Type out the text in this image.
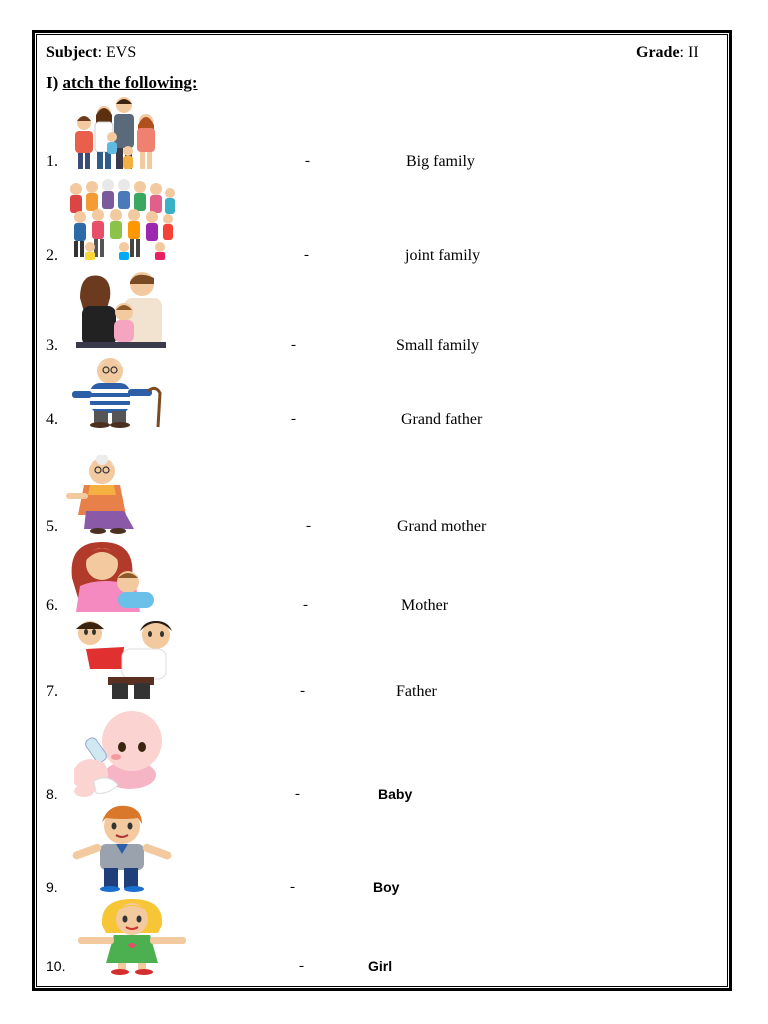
Subject: EVS	Grade: II
I) atch the following:
1.	-	Big family
2.	-	joint family
3.	-	Small family
4.	-	Grand father
5.	-	Grand mother
6.	-	Mother
7.	-	Father
8.	-	Baby
9.	-	Boy
10.	-	Girl
